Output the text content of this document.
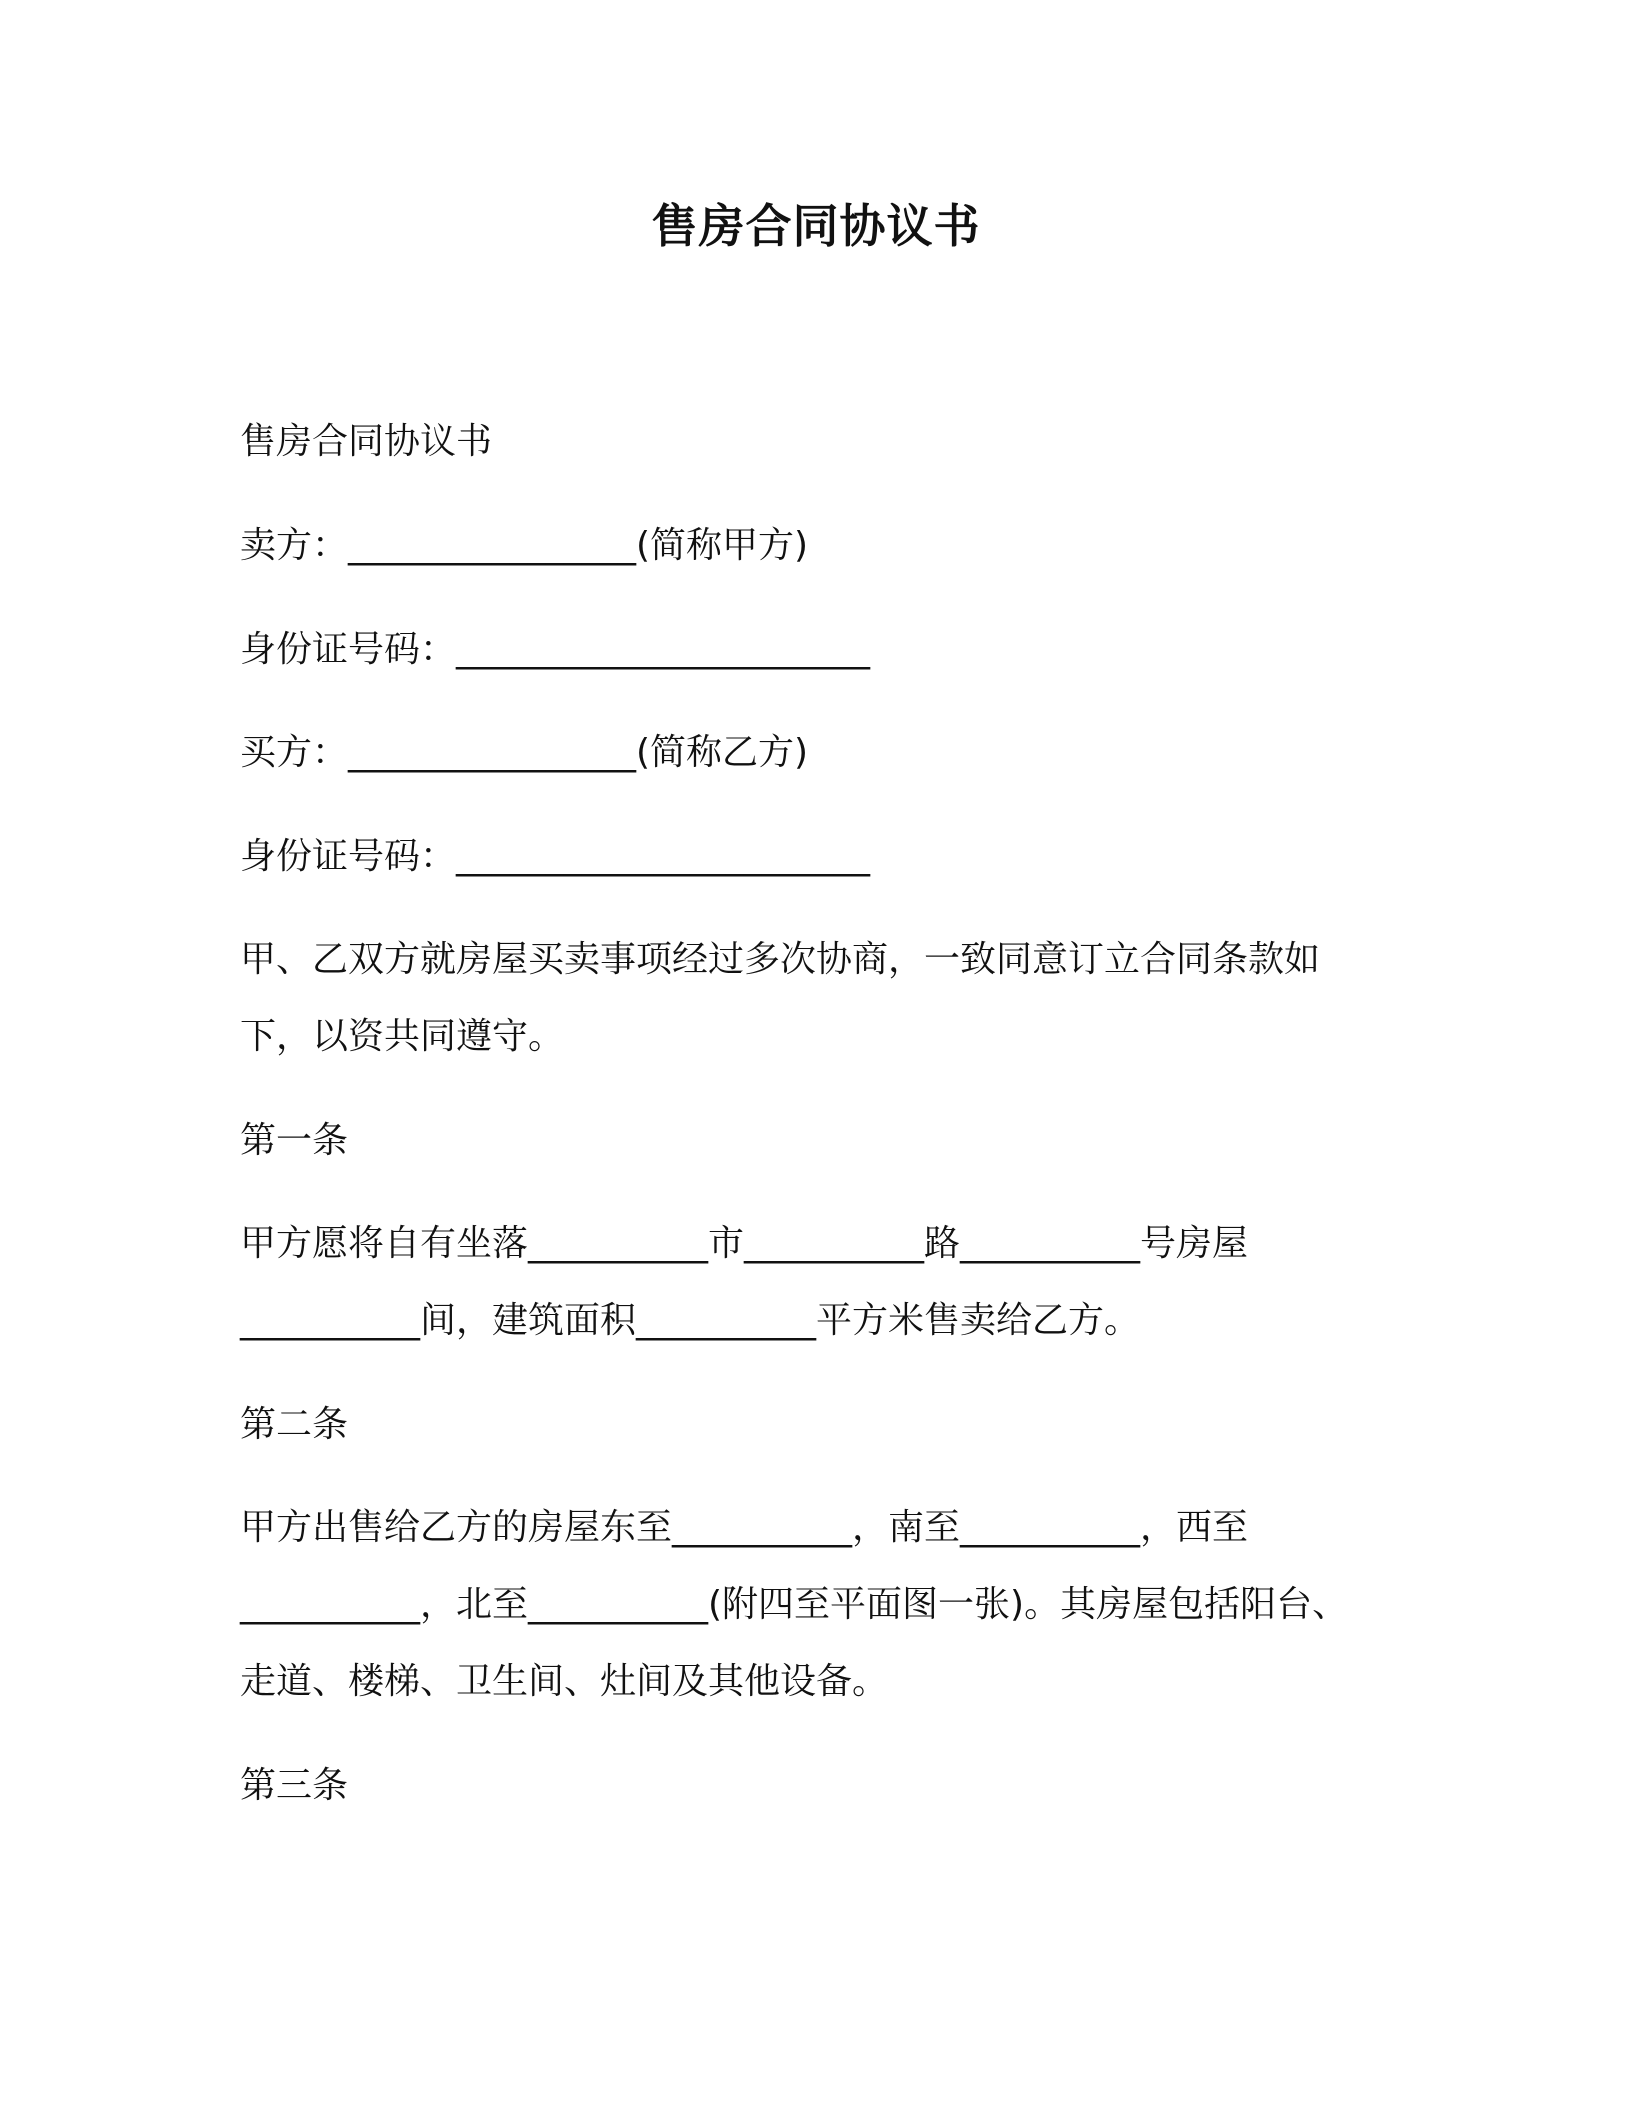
售房合同协议书
售房合同协议书
卖方：________________(简称甲方)
身份证号码：_______________________
买方：________________(简称乙方)
身份证号码：_______________________
甲、乙双方就房屋买卖事项经过多次协商，一致同意订立合同条款如
下，以资共同遵守。
第一条
甲方愿将自有坐落__________市__________路__________号房屋
__________间，建筑面积__________平方米售卖给乙方。
第二条
甲方出售给乙方的房屋东至__________，南至__________，西至
__________，北至__________(附四至平面图一张)。其房屋包括阳台、
走道、楼梯、卫生间、灶间及其他设备。
第三条
